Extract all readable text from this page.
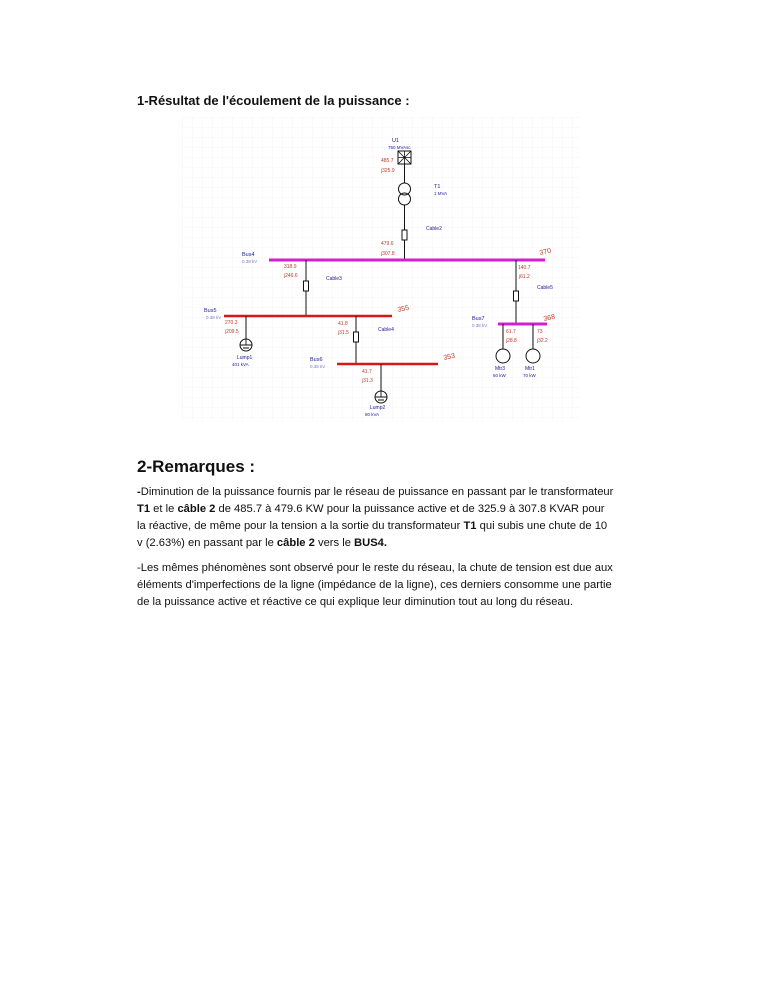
1-Résultat de l'écoulement de la puissance :
U1
750 MVAsc
485.7
j325.9
T1
1 MVA
Cable2
479.6
j307.8
Bus4
0.38 kV
370
318.9
j246.6	Cable3
140.7
j61.2
Cable5
Bus5
0.38 kV
355
270.3
j209.5
Lump1
401 kVA
41.8
j31.5	Cable4
Bus6
0.38 kV
353
41.7
j31.3
Lump2
80 kVA
Bus7
0.38 kV
368
61.7
j28.8
Mtr3
60 kW
73
j32.2
Mtr1
70 kW
2-Remarques :

-Diminution de la puissance fournis par le réseau de puissance en passant par le transformateur T1 et le câble 2 de 485.7 à 479.6 KW pour la puissance active et de 325.9 à 307.8 KVAR pour la réactive, de même pour la tension a la sortie du transformateur T1 qui subis une chute de 10 v (2.63%) en passant par le câble 2 vers le BUS4.

-Les mêmes phénomènes sont observé pour le reste du réseau, la chute de tension est due aux éléments d'imperfections de la ligne (impédance de la ligne), ces derniers consomme une partie de la puissance active et réactive ce qui explique leur diminution tout au long du réseau.
